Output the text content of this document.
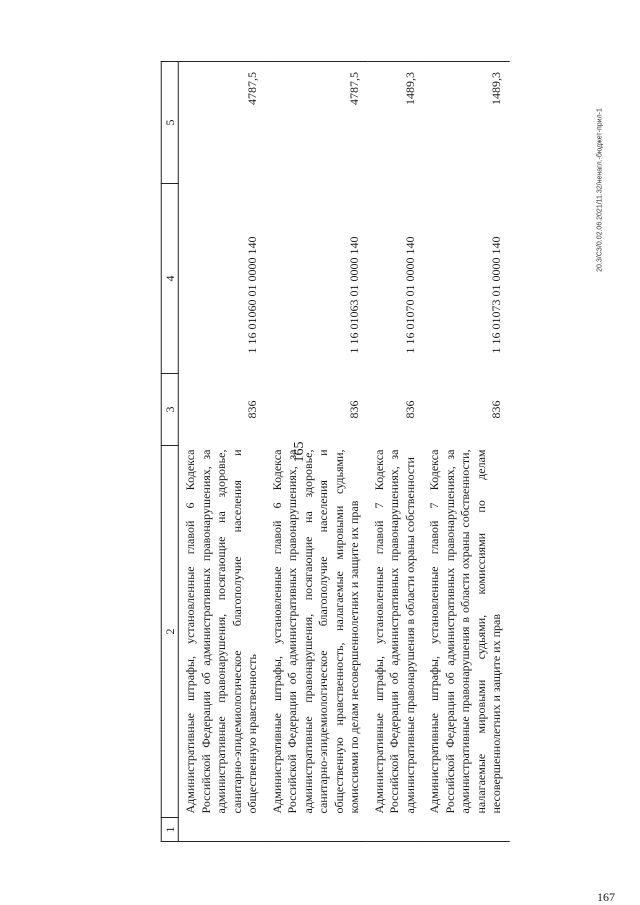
165
1	2	3	4	5
	Административные штрафы, установленные главой 6 Кодекса Российской Федерации об административных правонарушениях, за административные правонарушения, посягающие на здоровье, санитарно-эпидемиологическое благополучие населения и общественную нравственность	836	1 16 01060 01 0000 140	4787,5
	Административные штрафы, установленные главой 6 Кодекса Российской Федерации об административных правонарушениях, за административные правонарушения, посягающие на здоровье, санитарно-эпидемиологическое благополучие населения и общественную нравственность, налагаемые мировыми судьями, комиссиями по делам несовершеннолетних и защите их прав	836	1 16 01063 01 0000 140	4787,5
	Административные штрафы, установленные главой 7 Кодекса Российской Федерации об административных правонарушениях, за административные правонарушения в области охраны собственности	836	1 16 01070 01 0000 140	1489,3
	Административные штрафы, установленные главой 7 Кодекса Российской Федерации об административных правонарушениях, за административные правонарушения в области охраны собственности, налагаемые мировыми судьями, комиссиями по делам несовершеннолетних и защите их прав	836	1 16 01073 01 0000 140	1489,3
20.3/СЗ/0.02.06.2021/11.32/ненагл.-бюджет-прил-1
167
